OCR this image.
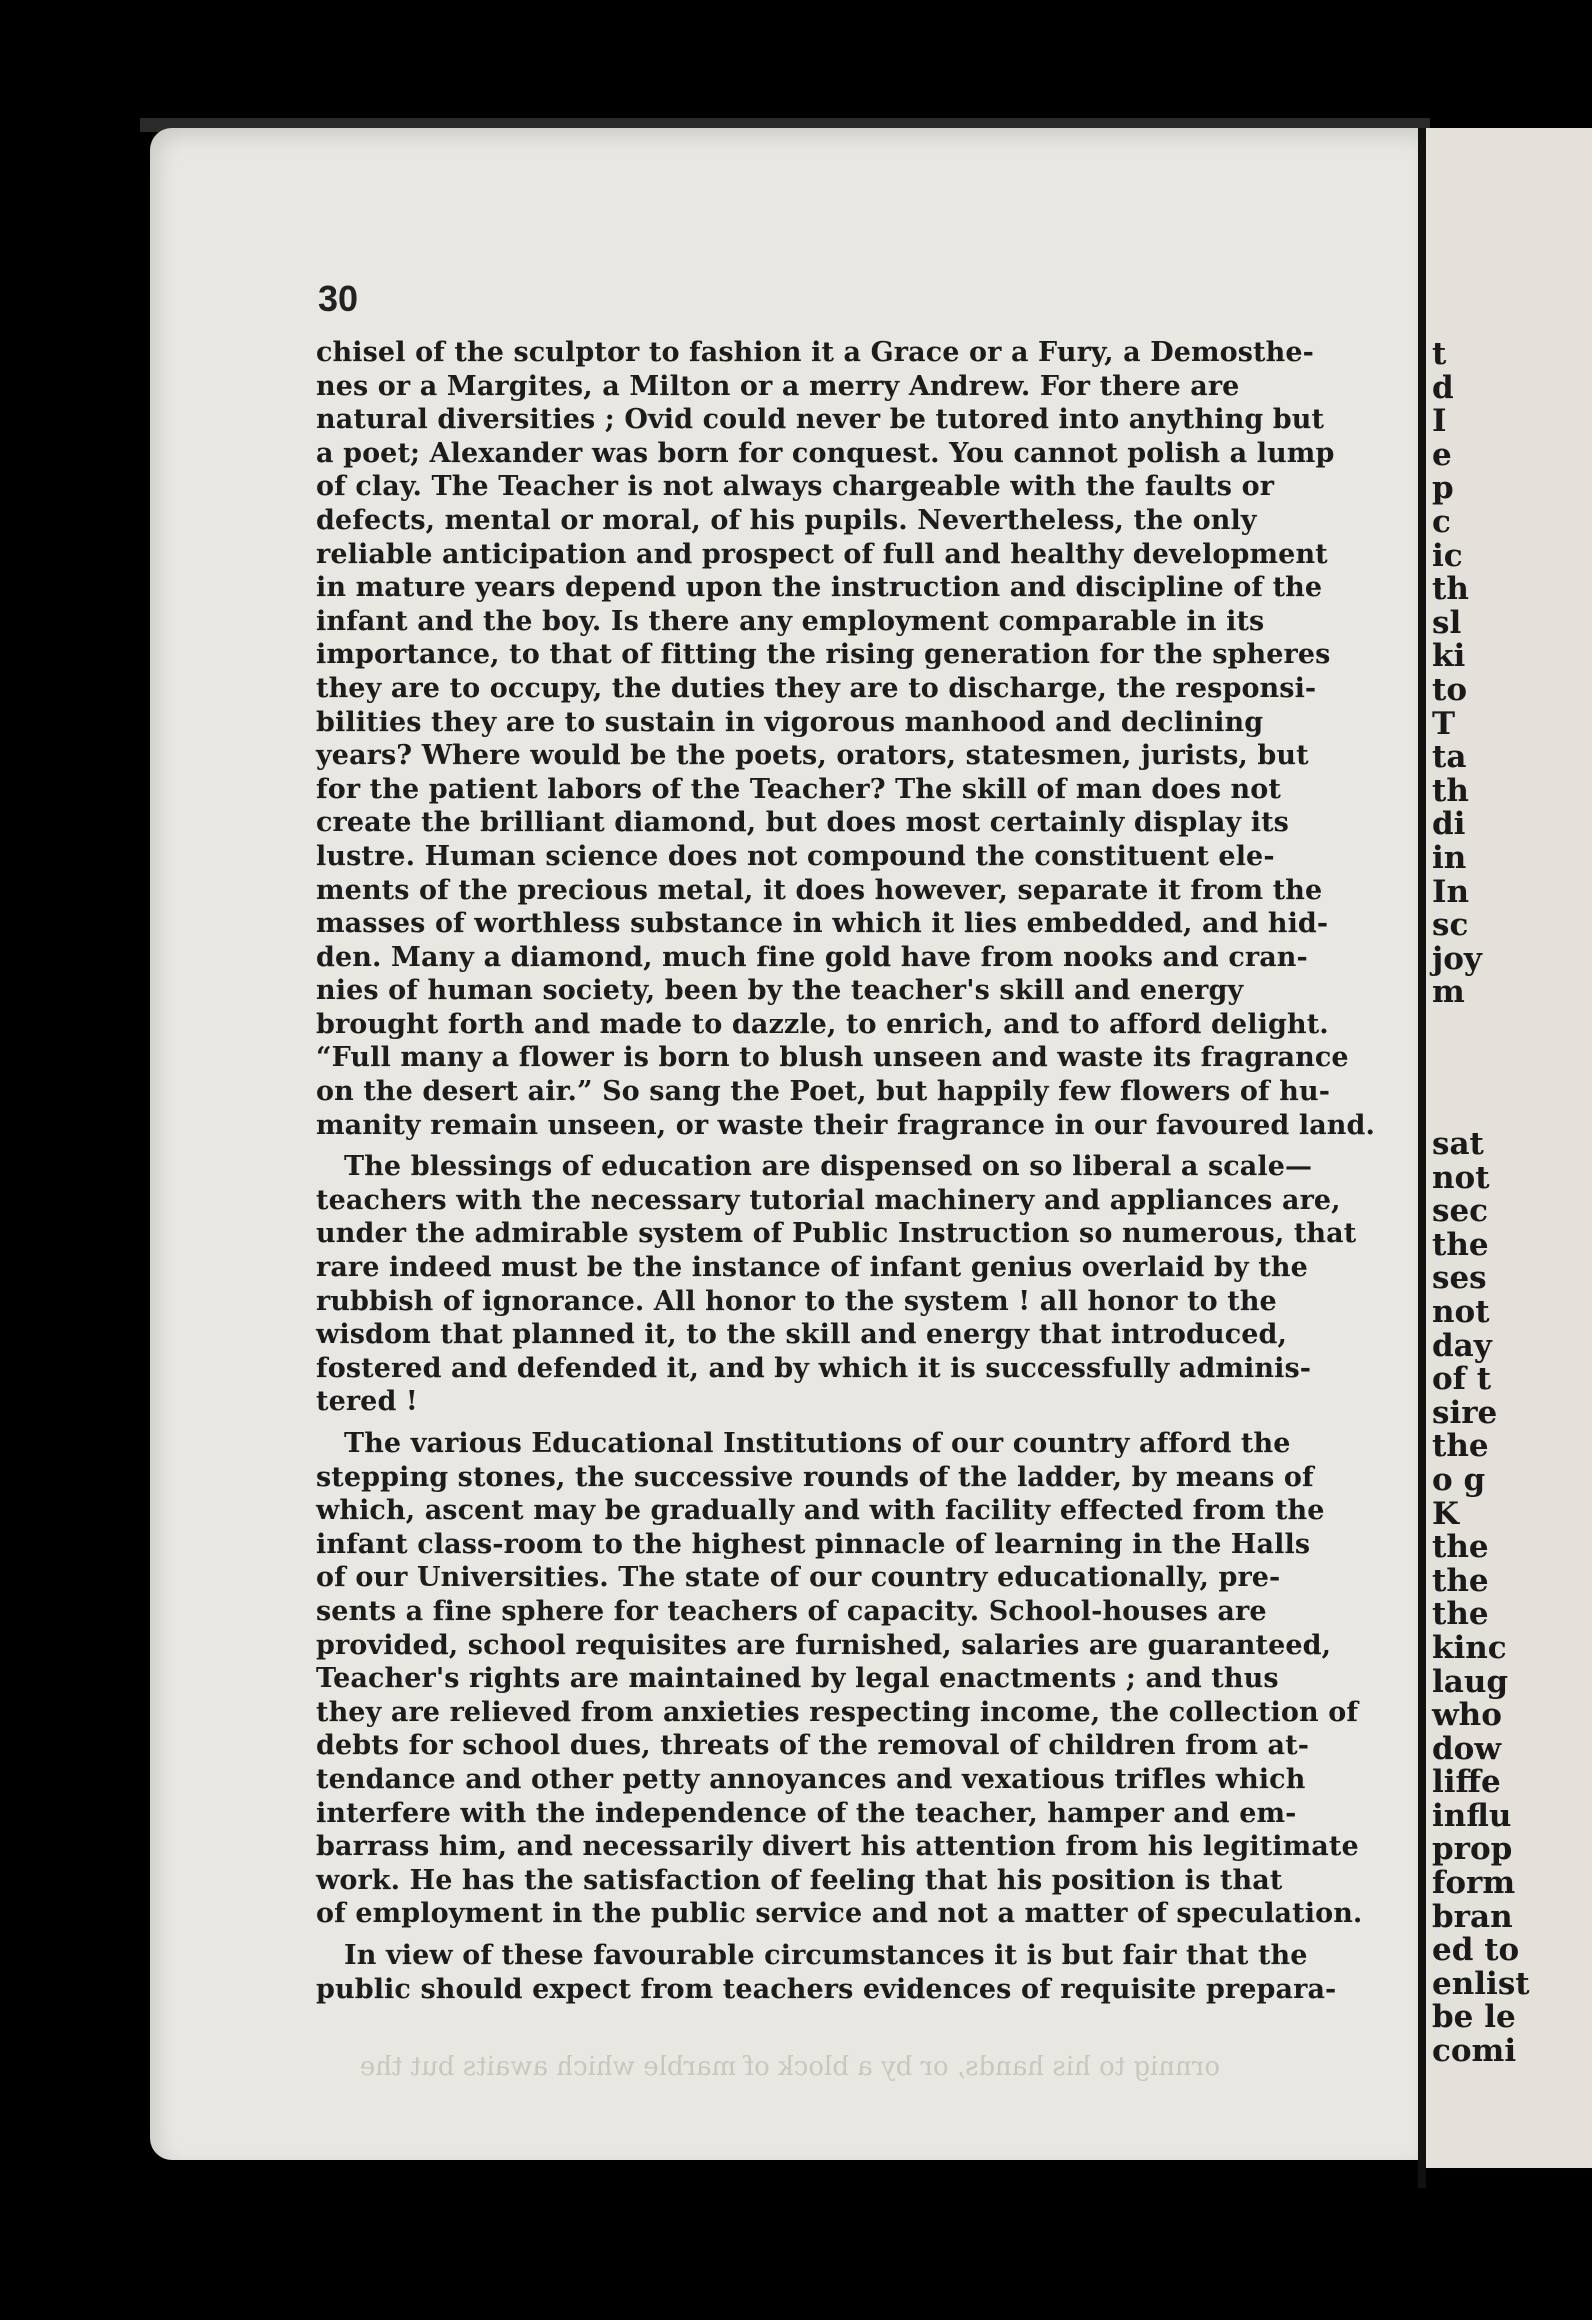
t
d
I
e
p
c
ic
th
sl
ki
to
T
ta
th
di
in
In
sc
joy
m
sat
not
sec
the
ses
not
day
of t
sire
the
o g
K
the
the
the
kinc
laug
who
dow
liffe
influ
prop
form
bran
ed to
enlist
be le
comi
30
chisel of the sculptor to fashion it a Grace or a Fury, a Demosthe-
nes or a Margites, a Milton or a merry Andrew. For there are
natural diversities ; Ovid could never be tutored into anything but
a poet; Alexander was born for conquest. You cannot polish a lump
of clay. The Teacher is not always chargeable with the faults or
defects, mental or moral, of his pupils. Nevertheless, the only
reliable anticipation and prospect of full and healthy development
in mature years depend upon the instruction and discipline of the
infant and the boy. Is there any employment comparable in its
importance, to that of fitting the rising generation for the spheres
they are to occupy, the duties they are to discharge, the responsi-
bilities they are to sustain in vigorous manhood and declining
years? Where would be the poets, orators, statesmen, jurists, but
for the patient labors of the Teacher? The skill of man does not
create the brilliant diamond, but does most certainly display its
lustre. Human science does not compound the constituent ele-
ments of the precious metal, it does however, separate it from the
masses of worthless substance in which it lies embedded, and hid-
den. Many a diamond, much fine gold have from nooks and cran-
nies of human society, been by the teacher's skill and energy
brought forth and made to dazzle, to enrich, and to afford delight.
“Full many a flower is born to blush unseen and waste its fragrance
on the desert air.” So sang the Poet, but happily few flowers of hu-
manity remain unseen, or waste their fragrance in our favoured land.
The blessings of education are dispensed on so liberal a scale—
teachers with the necessary tutorial machinery and appliances are,
under the admirable system of Public Instruction so numerous, that
rare indeed must be the instance of infant genius overlaid by the
rubbish of ignorance. All honor to the system ! all honor to the
wisdom that planned it, to the skill and energy that introduced,
fostered and defended it, and by which it is successfully adminis-
tered !
The various Educational Institutions of our country afford the
stepping stones, the successive rounds of the ladder, by means of
which, ascent may be gradually and with facility effected from the
infant class-room to the highest pinnacle of learning in the Halls
of our Universities. The state of our country educationally, pre-
sents a fine sphere for teachers of capacity. School-houses are
provided, school requisites are furnished, salaries are guaranteed,
Teacher's rights are maintained by legal enactments ; and thus
they are relieved from anxieties respecting income, the collection of
debts for school dues, threats of the removal of children from at-
tendance and other petty annoyances and vexatious trifles which
interfere with the independence of the teacher, hamper and em-
barrass him, and necessarily divert his attention from his legitimate
work. He has the satisfaction of feeling that his position is that
of employment in the public service and not a matter of speculation.
In view of these favourable circumstances it is but fair that the
public should expect from teachers evidences of requisite prepara-
ornnig to his hands, or by a block of marble which awaits but the
